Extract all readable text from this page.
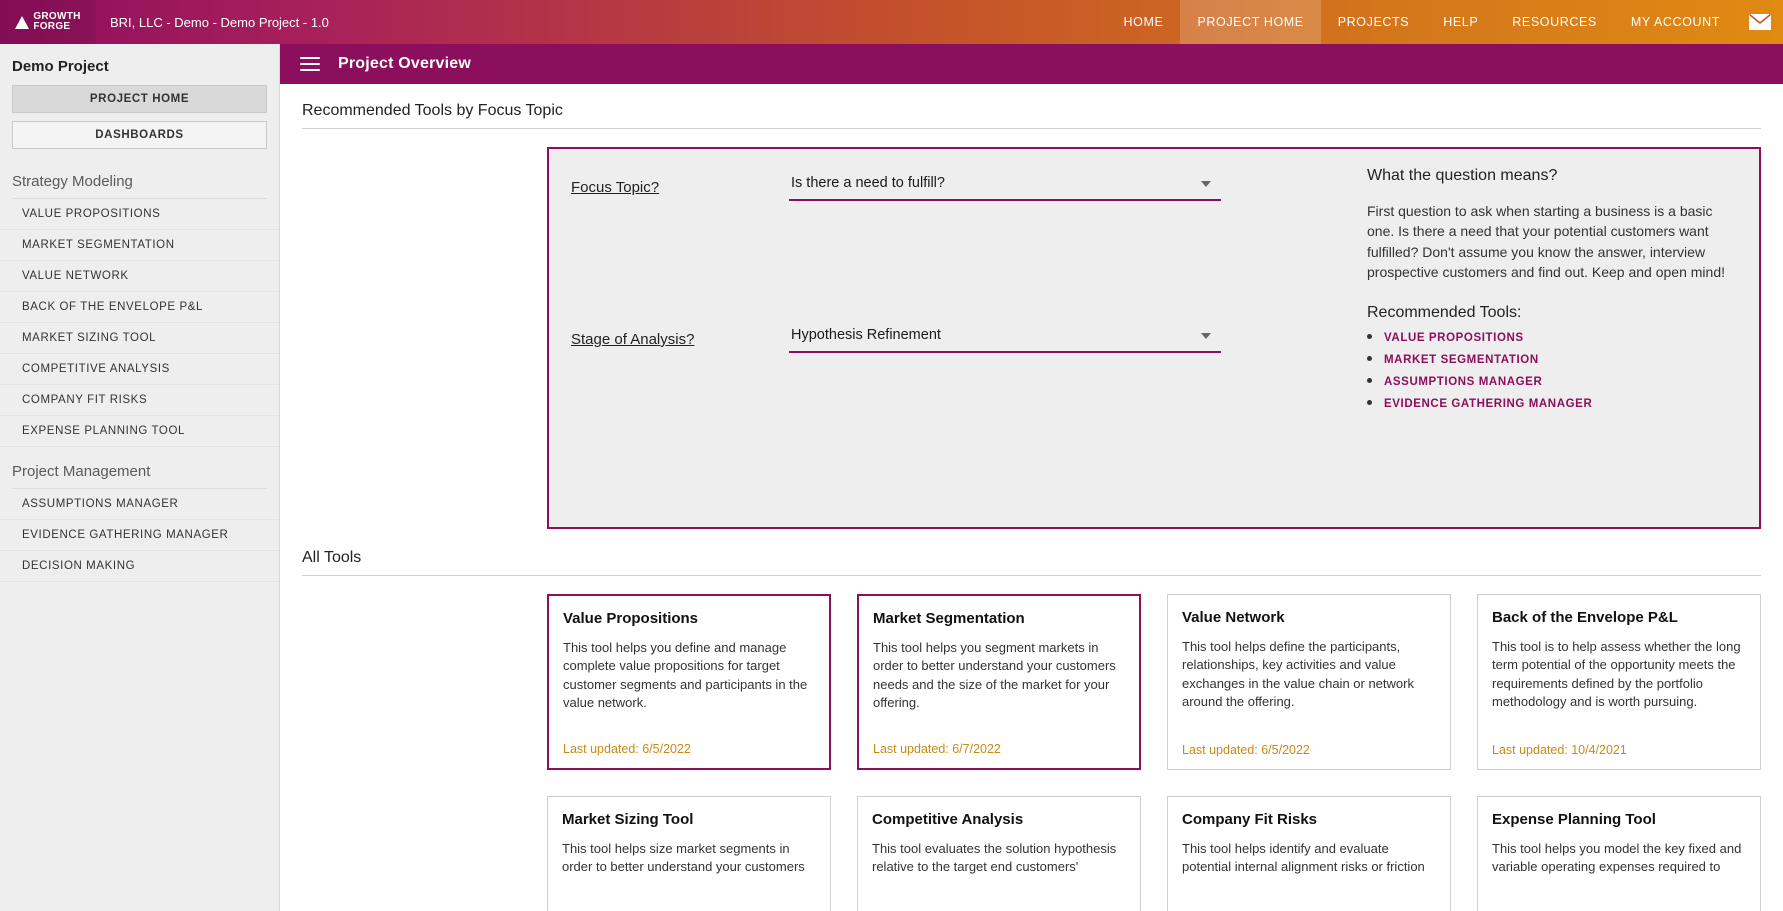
GROWTH
FORGE	BRI, LLC - Demo - Demo Project - 1.0	HOME	PROJECT HOME	PROJECTS	HELP	RESOURCES	MY ACCOUNT
Demo Project
PROJECT HOME
DASHBOARDS
Strategy Modeling
VALUE PROPOSITIONS
MARKET SEGMENTATION
VALUE NETWORK
BACK OF THE ENVELOPE P&L
MARKET SIZING TOOL
COMPETITIVE ANALYSIS
COMPANY FIT RISKS
EXPENSE PLANNING TOOL
Project Management
ASSUMPTIONS MANAGER
EVIDENCE GATHERING MANAGER
DECISION MAKING
Project Overview
Recommended Tools by Focus Topic
Focus Topic?	Is there a need to fulfill?
Stage of Analysis?	Hypothesis Refinement
What the question means?
First question to ask when starting a business is a basic one. Is there a need that your potential customers want fulfilled? Don't assume you know the answer, interview prospective customers and find out. Keep and open mind!
Recommended Tools:
VALUE PROPOSITIONS
MARKET SEGMENTATION
ASSUMPTIONS MANAGER
EVIDENCE GATHERING MANAGER
All Tools
Value Propositions

This tool helps you define and manage complete value propositions for target customer segments and participants in the value network.

Last updated: 6/5/2022
Market Segmentation

This tool helps you segment markets in order to better understand your customers needs and the size of the market for your offering.

Last updated: 6/7/2022
Value Network

This tool helps define the participants, relationships, key activities and value exchanges in the value chain or network around the offering.

Last updated: 6/5/2022
Back of the Envelope P&L

This tool is to help assess whether the long term potential of the opportunity meets the requirements defined by the portfolio methodology and is worth pursuing.

Last updated: 10/4/2021
Market Sizing Tool

This tool helps size market segments in order to better understand your customers

Competitive Analysis

This tool evaluates the solution hypothesis relative to the target end customers'

Company Fit Risks

This tool helps identify and evaluate potential internal alignment risks or friction

Expense Planning Tool

This tool helps you model the key fixed and variable operating expenses required to
